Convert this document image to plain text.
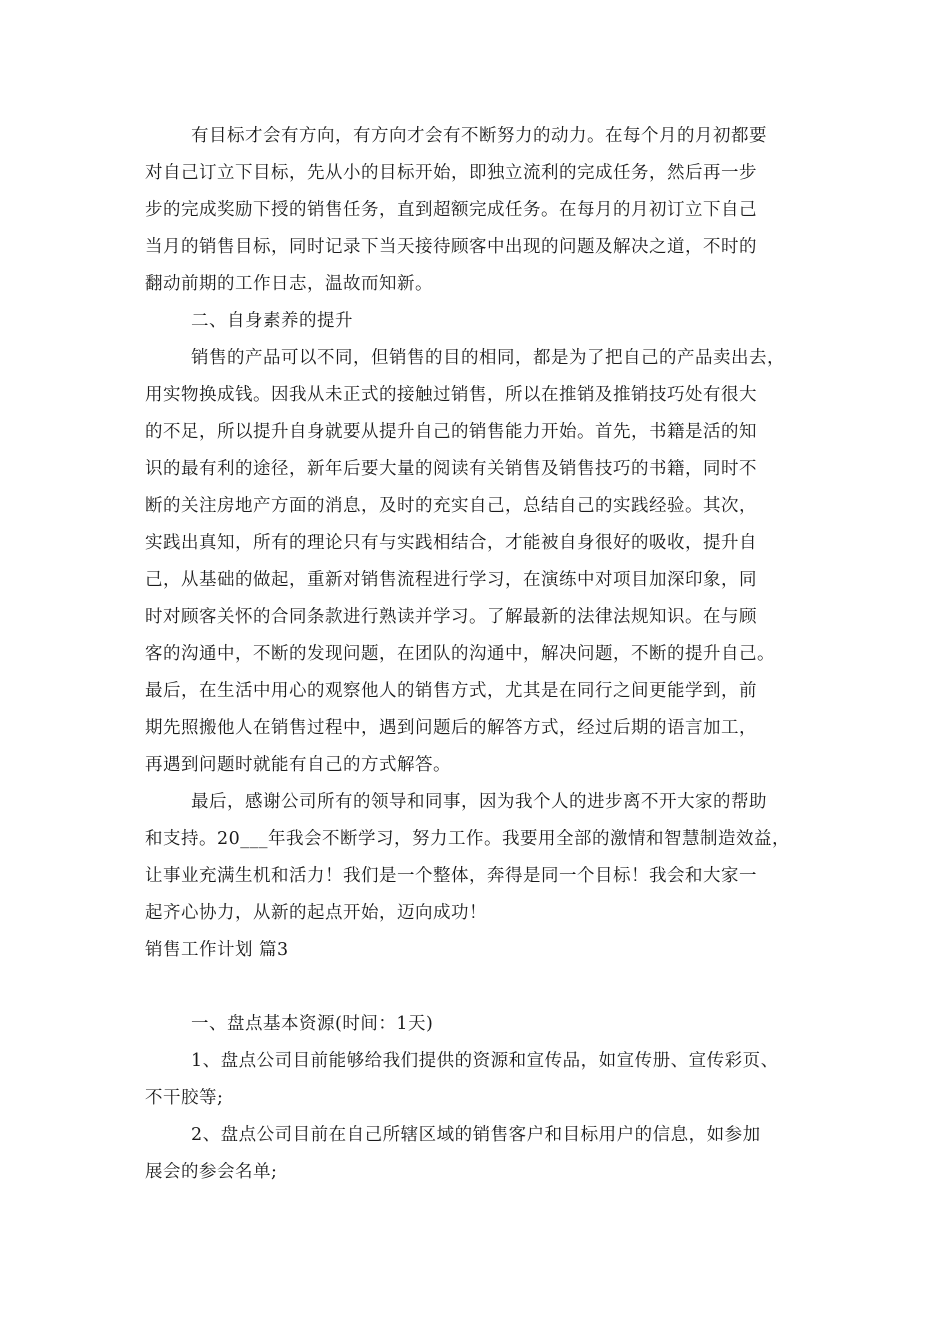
有目标才会有方向，有方向才会有不断努力的动力。在每个月的月初都要
对自己订立下目标，先从小的目标开始，即独立流利的完成任务，然后再一步
步的完成奖励下授的销售任务，直到超额完成任务。在每月的月初订立下自己
当月的销售目标，同时记录下当天接待顾客中出现的问题及解决之道，不时的
翻动前期的工作日志，温故而知新。
二、自身素养的提升
销售的产品可以不同，但销售的目的相同，都是为了把自己的产品卖出去，
用实物换成钱。因我从未正式的接触过销售，所以在推销及推销技巧处有很大
的不足，所以提升自身就要从提升自己的销售能力开始。首先，书籍是活的知
识的最有利的途径，新年后要大量的阅读有关销售及销售技巧的书籍，同时不
断的关注房地产方面的消息，及时的充实自己，总结自己的实践经验。其次，
实践出真知，所有的理论只有与实践相结合，才能被自身很好的吸收，提升自
己，从基础的做起，重新对销售流程进行学习，在演练中对项目加深印象，同
时对顾客关怀的合同条款进行熟读并学习。了解最新的法律法规知识。在与顾
客的沟通中，不断的发现问题，在团队的沟通中，解决问题，不断的提升自己。
最后，在生活中用心的观察他人的销售方式，尤其是在同行之间更能学到，前
期先照搬他人在销售过程中，遇到问题后的解答方式，经过后期的语言加工，
再遇到问题时就能有自己的方式解答。
最后，感谢公司所有的领导和同事，因为我个人的进步离不开大家的帮助
和支持。20___年我会不断学习，努力工作。我要用全部的激情和智慧制造效益，
让事业充满生机和活力！我们是一个整体，奔得是同一个目标！我会和大家一
起齐心协力，从新的起点开始，迈向成功！
销售工作计划 篇3
一、盘点基本资源(时间：1天)
1、盘点公司目前能够给我们提供的资源和宣传品，如宣传册、宣传彩页、
不干胶等;
2、盘点公司目前在自己所辖区域的销售客户和目标用户的信息，如参加
展会的参会名单;
